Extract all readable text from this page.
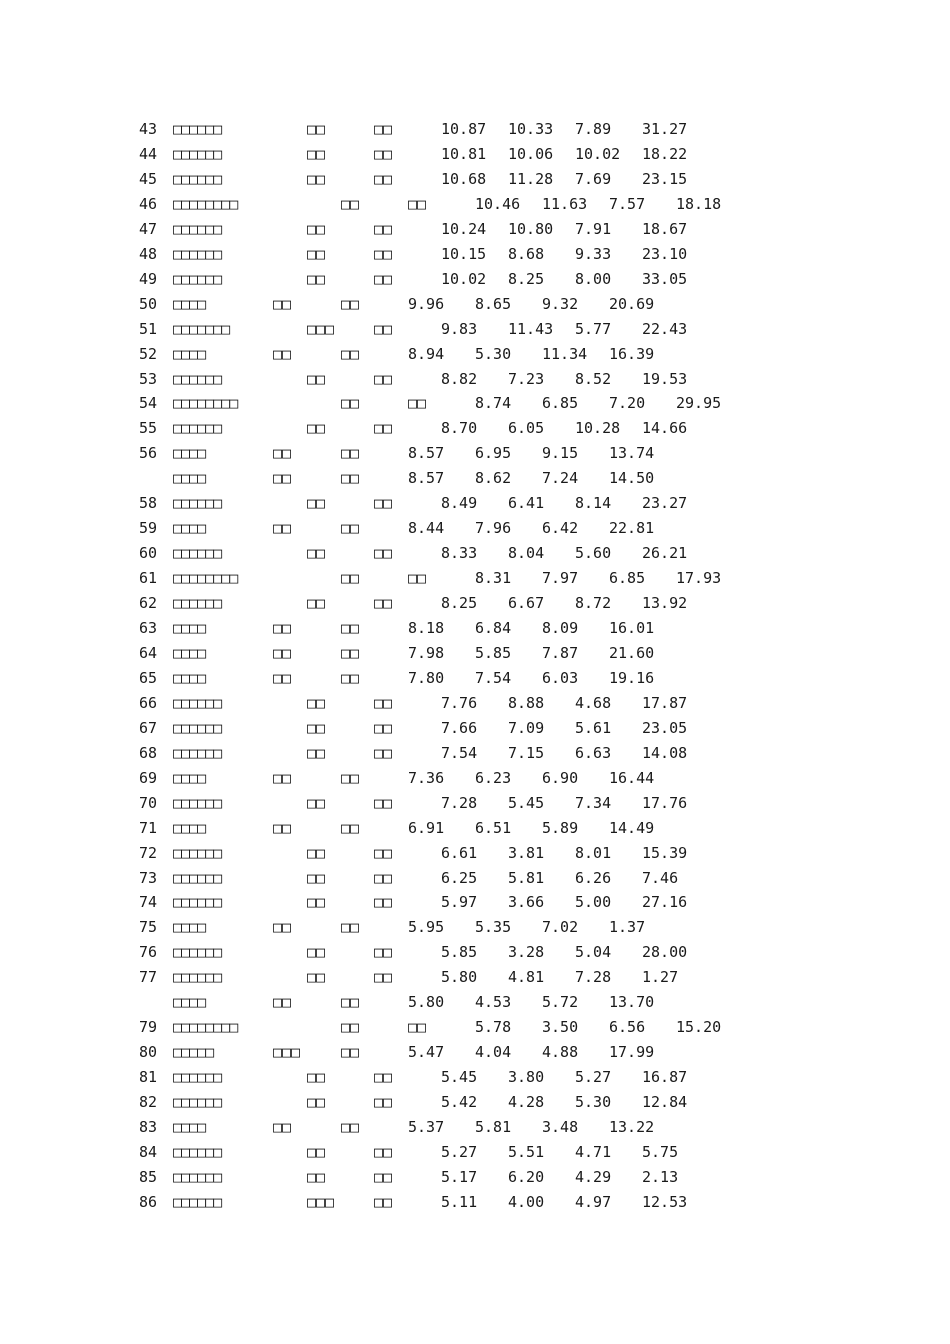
43 □□□□□□	□□	□□	10.87 10.33 7.89 31.27
44 □□□□□□	□□	□□	10.81 10.06 10.02 18.22
45 □□□□□□	□□	□□	10.68 11.28 7.69 23.15
46 □□□□□□□□	□□	□□	10.46 11.63 7.57 18.18
47 □□□□□□	□□	□□	10.24 10.80 7.91 18.67
48 □□□□□□	□□	□□	10.15 8.68 9.33 23.10
49 □□□□□□	□□	□□	10.02 8.25 8.00 33.05
50 □□□□	□□	□□	9.96 8.65 9.32 20.69
51 □□□□□□□	□□□	□□	9.83 11.43 5.77 22.43
52 □□□□	□□	□□	8.94 5.30 11.34 16.39
53 □□□□□□	□□	□□	8.82 7.23 8.52 19.53
54 □□□□□□□□	□□	□□	8.74 6.85 7.20 29.95
55 □□□□□□	□□	□□	8.70 6.05 10.28 14.66
56 □□□□	□□	□□	8.57 6.95 9.15 13.74
□□□□	□□	□□	8.57 8.62 7.24 14.50
58 □□□□□□	□□	□□	8.49 6.41 8.14 23.27
59 □□□□	□□	□□	8.44 7.96 6.42 22.81
60 □□□□□□	□□	□□	8.33 8.04 5.60 26.21
61 □□□□□□□□	□□	□□	8.31 7.97 6.85 17.93
62 □□□□□□	□□	□□	8.25 6.67 8.72 13.92
63 □□□□	□□	□□	8.18 6.84 8.09 16.01
64 □□□□	□□	□□	7.98 5.85 7.87 21.60
65 □□□□	□□	□□	7.80 7.54 6.03 19.16
66 □□□□□□	□□	□□	7.76 8.88 4.68 17.87
67 □□□□□□	□□	□□	7.66 7.09 5.61 23.05
68 □□□□□□	□□	□□	7.54 7.15 6.63 14.08
69 □□□□	□□	□□	7.36 6.23 6.90 16.44
70 □□□□□□	□□	□□	7.28 5.45 7.34 17.76
71 □□□□	□□	□□	6.91 6.51 5.89 14.49
72 □□□□□□	□□	□□	6.61 3.81 8.01 15.39
73 □□□□□□	□□	□□	6.25 5.81 6.26 7.46
74 □□□□□□	□□	□□	5.97 3.66 5.00 27.16
75 □□□□	□□	□□	5.95 5.35 7.02 1.37
76 □□□□□□	□□	□□	5.85 3.28 5.04 28.00
77 □□□□□□	□□	□□	5.80 4.81 7.28 1.27
□□□□	□□	□□	5.80 4.53 5.72 13.70
79 □□□□□□□□	□□	□□	5.78 3.50 6.56 15.20
80 □□□□□	□□□	□□	5.47 4.04 4.88 17.99
81 □□□□□□	□□	□□	5.45 3.80 5.27 16.87
82 □□□□□□	□□	□□	5.42 4.28 5.30 12.84
83 □□□□	□□	□□	5.37 5.81 3.48 13.22
84 □□□□□□	□□	□□	5.27 5.51 4.71 5.75
85 □□□□□□	□□	□□	5.17 6.20 4.29 2.13
86 □□□□□□	□□□	□□	5.11 4.00 4.97 12.53
